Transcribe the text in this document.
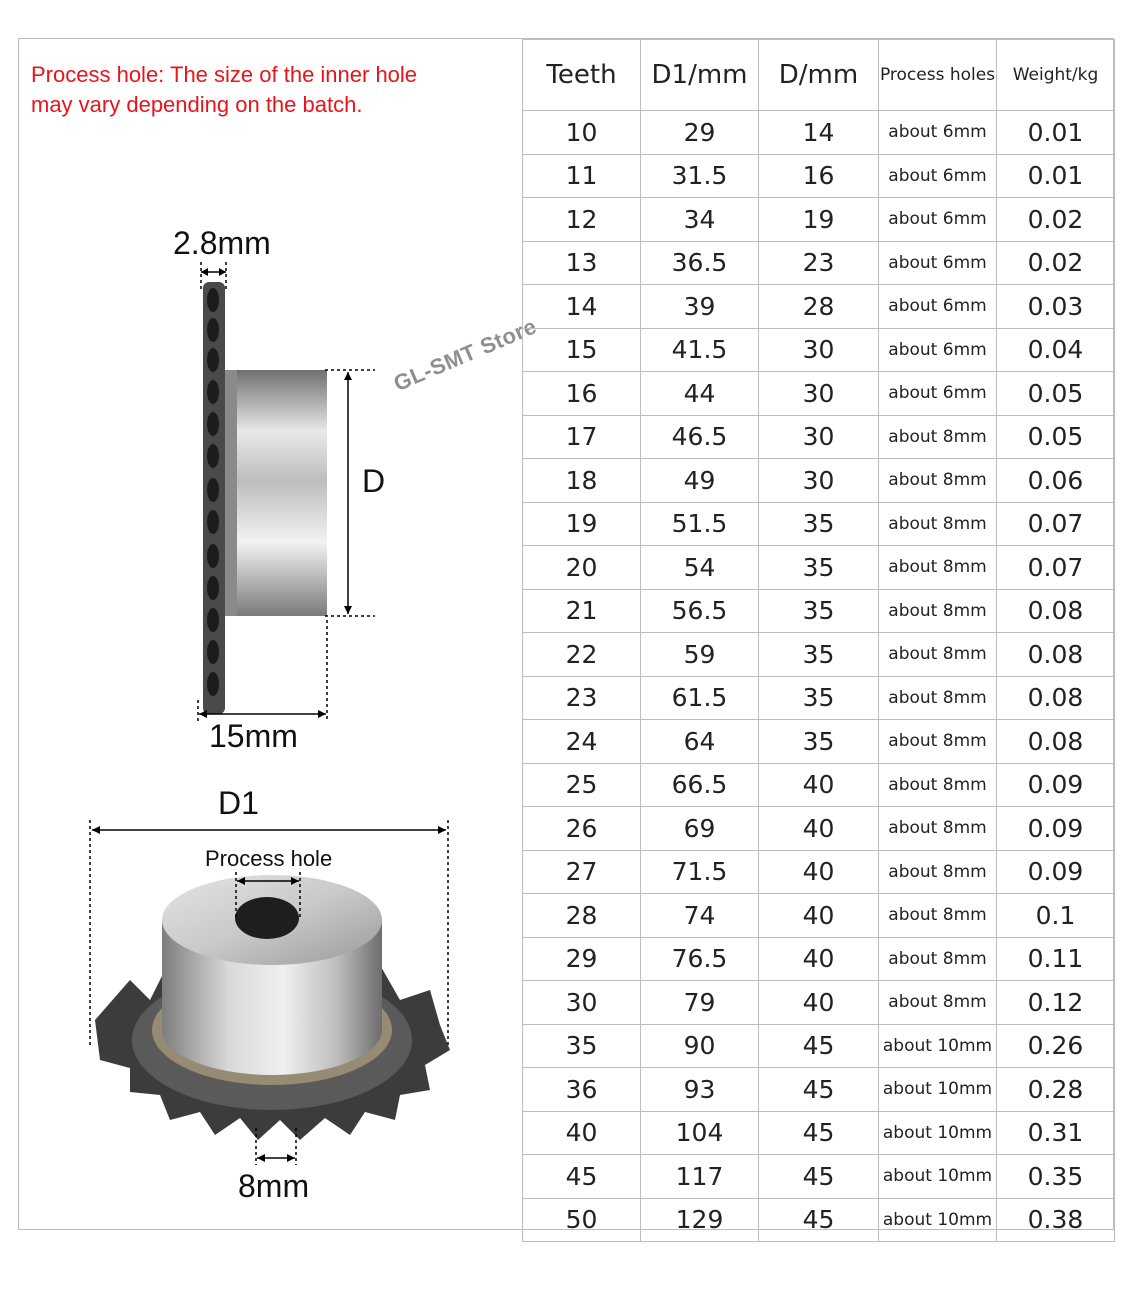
Process hole: The size of the inner hole
may vary depending on the batch.

2.8mm
D
15mm
D1
Process hole
8mm
GL-SMT Store
Teeth	D1/mm	D/mm	Process holes	Weight/kg
10	29	14	about 6mm	0.01
11	31.5	16	about 6mm	0.01
12	34	19	about 6mm	0.02
13	36.5	23	about 6mm	0.02
14	39	28	about 6mm	0.03
15	41.5	30	about 6mm	0.04
16	44	30	about 6mm	0.05
17	46.5	30	about 8mm	0.05
18	49	30	about 8mm	0.06
19	51.5	35	about 8mm	0.07
20	54	35	about 8mm	0.07
21	56.5	35	about 8mm	0.08
22	59	35	about 8mm	0.08
23	61.5	35	about 8mm	0.08
24	64	35	about 8mm	0.08
25	66.5	40	about 8mm	0.09
26	69	40	about 8mm	0.09
27	71.5	40	about 8mm	0.09
28	74	40	about 8mm	0.1
29	76.5	40	about 8mm	0.11
30	79	40	about 8mm	0.12
35	90	45	about 10mm	0.26
36	93	45	about 10mm	0.28
40	104	45	about 10mm	0.31
45	117	45	about 10mm	0.35
50	129	45	about 10mm	0.38
